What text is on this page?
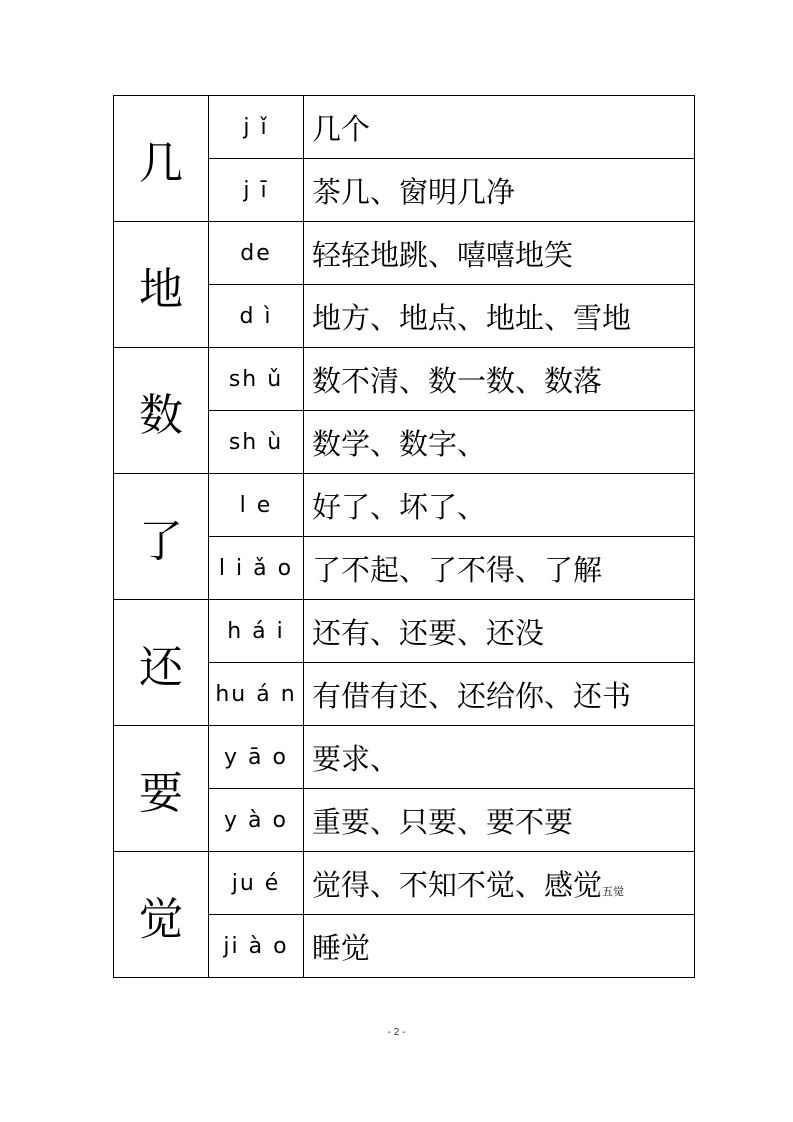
几	j ǐ	几个
	j ī	茶几、窗明几净
地	de	轻轻地跳、嘻嘻地笑
	d ì	地方、地点、地址、雪地
数	sh ǔ	数不清、数一数、数落
	sh ù	数学、数字、
了	l e	好了、坏了、
	l i ǎ o	了不起、了不得、了解
还	h á i	还有、还要、还没
	hu á n	有借有还、还给你、还书
要	y ā o	要求、
	y à o	重要、只要、要不要
觉	ju é	觉得、不知不觉、感觉五觉
	ji à o	睡觉
- 2 -
